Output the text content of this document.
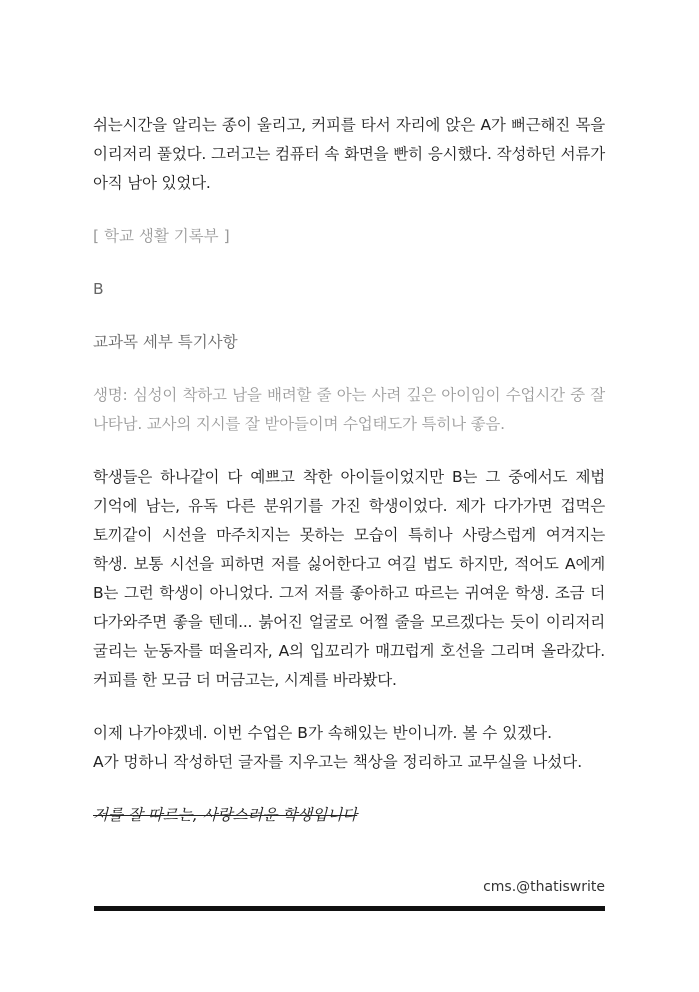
쉬는시간을 알리는 종이 울리고, 커피를 타서 자리에 앉은 A가 뻐근해진 목을 이리저리 풀었다. 그러고는 컴퓨터 속 화면을 빤히 응시했다. 작성하던 서류가 아직 남아 있었다.

[ 학교 생활 기록부 ]

B

교과목 세부 특기사항

생명: 심성이 착하고 남을 배려할 줄 아는 사려 깊은 아이임이 수업시간 중 잘 나타남. 교사의 지시를 잘 받아들이며 수업태도가 특히나 좋음.

학생들은 하나같이 다 예쁘고 착한 아이들이었지만 B는 그 중에서도 제법 기억에 남는, 유독 다른 분위기를 가진 학생이었다. 제가 다가가면 겁먹은 토끼같이 시선을 마주치지는 못하는 모습이 특히나 사랑스럽게 여겨지는 학생. 보통 시선을 피하면 저를 싫어한다고 여길 법도 하지만, 적어도 A에게 B는 그런 학생이 아니었다. 그저 저를 좋아하고 따르는 귀여운 학생. 조금 더 다가와주면 좋을 텐데... 붉어진 얼굴로 어쩔 줄을 모르겠다는 듯이 이리저리 굴리는 눈동자를 떠올리자, A의 입꼬리가 매끄럽게 호선을 그리며 올라갔다. 커피를 한 모금 더 머금고는, 시계를 바라봤다.

이제 나가야겠네. 이번 수업은 B가 속해있는 반이니까. 볼 수 있겠다.

A가 멍하니 작성하던 글자를 지우고는 책상을 정리하고 교무실을 나섰다.

저를 잘 따르는, 사랑스러운 학생입니다

cms.@thatiswrite
